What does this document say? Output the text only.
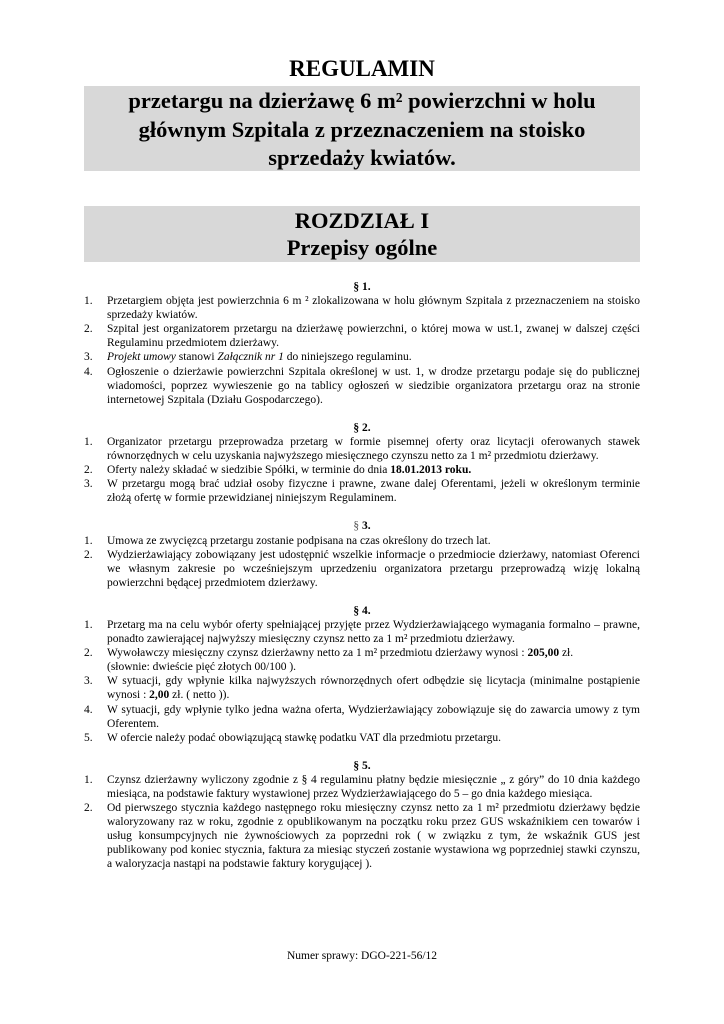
REGULAMIN
przetargu na dzierżawę 6 m² powierzchni w holu
głównym Szpitala z przeznaczeniem na stoisko
sprzedaży kwiatów.
ROZDZIAŁ I
Przepisy ogólne

§ 1.

1. Przetargiem objęta jest powierzchnia 6 m ² zlokalizowana w holu głównym Szpitala z przeznaczeniem na stoisko sprzedaży kwiatów.
2. Szpital jest organizatorem przetargu na dzierżawę powierzchni, o której mowa w ust.1, zwanej w dalszej części Regulaminu przedmiotem dzierżawy.
3. Projekt umowy stanowi Załącznik nr 1 do niniejszego regulaminu.
4. Ogłoszenie o dzierżawie powierzchni Szpitala określonej w ust. 1, w drodze przetargu podaje się do publicznej wiadomości, poprzez wywieszenie go na tablicy ogłoszeń w siedzibie organizatora przetargu oraz na stronie internetowej Szpitala (Działu Gospodarczego).

§ 2.

1. Organizator przetargu przeprowadza przetarg w formie pisemnej oferty oraz licytacji oferowanych stawek równorzędnych w celu uzyskania najwyższego miesięcznego czynszu netto za 1 m² przedmiotu dzierżawy.
2. Oferty należy składać w siedzibie Spółki, w terminie do dnia 18.01.2013 roku.
3. W przetargu mogą brać udział osoby fizyczne i prawne, zwane dalej Oferentami, jeżeli w określonym terminie złożą ofertę w formie przewidzianej niniejszym Regulaminem.

§ 3.

1. Umowa ze zwycięzcą przetargu zostanie podpisana na czas określony do trzech lat.
2. Wydzierżawiający zobowiązany jest udostępnić wszelkie informacje o przedmiocie dzierżawy, natomiast Oferenci we własnym zakresie po wcześniejszym uprzedzeniu organizatora przetargu przeprowadzą wizję lokalną powierzchni będącej przedmiotem dzierżawy.

§ 4.

1. Przetarg ma na celu wybór oferty spełniającej przyjęte przez Wydzierżawiającego wymagania formalno – prawne, ponadto zawierającej najwyższy miesięczny czynsz netto za 1 m² przedmiotu dzierżawy.
2. Wywoławczy miesięczny czynsz dzierżawny netto za 1 m² przedmiotu dzierżawy wynosi : 205,00 zł.
(słownie: dwieście pięć złotych 00/100 ).
3. W sytuacji, gdy wpłynie kilka najwyższych równorzędnych ofert odbędzie się licytacja (minimalne postąpienie wynosi : 2,00 zł. ( netto )).
4. W sytuacji, gdy wpłynie tylko jedna ważna oferta, Wydzierżawiający zobowiązuje się do zawarcia umowy z tym Oferentem.
5. W ofercie należy podać obowiązującą stawkę podatku VAT dla przedmiotu przetargu.

§ 5.

1. Czynsz dzierżawny wyliczony zgodnie z § 4 regulaminu płatny będzie miesięcznie „ z góry” do 10 dnia każdego miesiąca, na podstawie faktury wystawionej przez Wydzierżawiającego do 5 – go dnia każdego miesiąca.
2. Od pierwszego stycznia każdego następnego roku miesięczny czynsz netto za 1 m² przedmiotu dzierżawy będzie waloryzowany raz w roku, zgodnie z opublikowanym na początku roku przez GUS wskaźnikiem cen towarów i usług konsumpcyjnych nie żywnościowych za poprzedni rok ( w związku z tym, że wskaźnik GUS jest publikowany pod koniec stycznia, faktura za miesiąc styczeń zostanie wystawiona wg poprzedniej stawki czynszu, a waloryzacja nastąpi na podstawie faktury korygującej ).
Numer sprawy: DGO-221-56/12
